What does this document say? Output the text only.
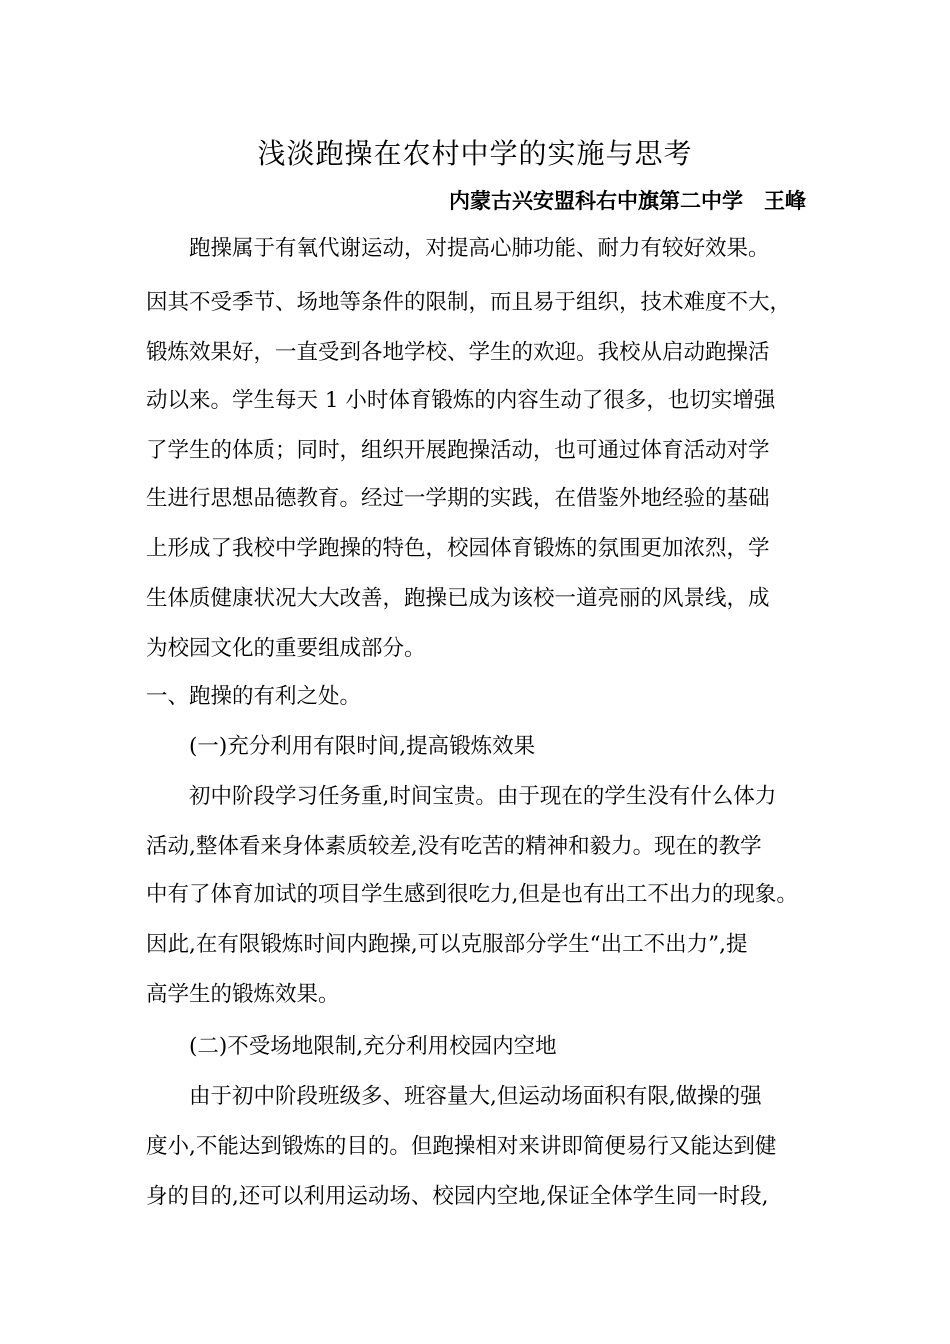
浅淡跑操在农村中学的实施与思考
内蒙古兴安盟科右中旗第二中学　王峰
跑操属于有氧代谢运动，对提高心肺功能、耐力有较好效果。
因其不受季节、场地等条件的限制，而且易于组织，技术难度不大，
锻炼效果好，一直受到各地学校、学生的欢迎。我校从启动跑操活
动以来。学生每天 1 小时体育锻炼的内容生动了很多，也切实增强
了学生的体质；同时，组织开展跑操活动，也可通过体育活动对学
生进行思想品德教育。经过一学期的实践，在借鉴外地经验的基础
上形成了我校中学跑操的特色，校园体育锻炼的氛围更加浓烈，学
生体质健康状况大大改善，跑操已成为该校一道亮丽的风景线，成
为校园文化的重要组成部分。
一、跑操的有利之处。
(一)充分利用有限时间,提高锻炼效果
初中阶段学习任务重,时间宝贵。由于现在的学生没有什么体力
活动,整体看来身体素质较差,没有吃苦的精神和毅力。现在的教学
中有了体育加试的项目学生感到很吃力,但是也有出工不出力的现象。
因此,在有限锻炼时间内跑操,可以克服部分学生“出工不出力”,提
高学生的锻炼效果。
(二)不受场地限制,充分利用校园内空地
由于初中阶段班级多、班容量大,但运动场面积有限,做操的强
度小,不能达到锻炼的目的。但跑操相对来讲即简便易行又能达到健
身的目的,还可以利用运动场、校园内空地,保证全体学生同一时段,
